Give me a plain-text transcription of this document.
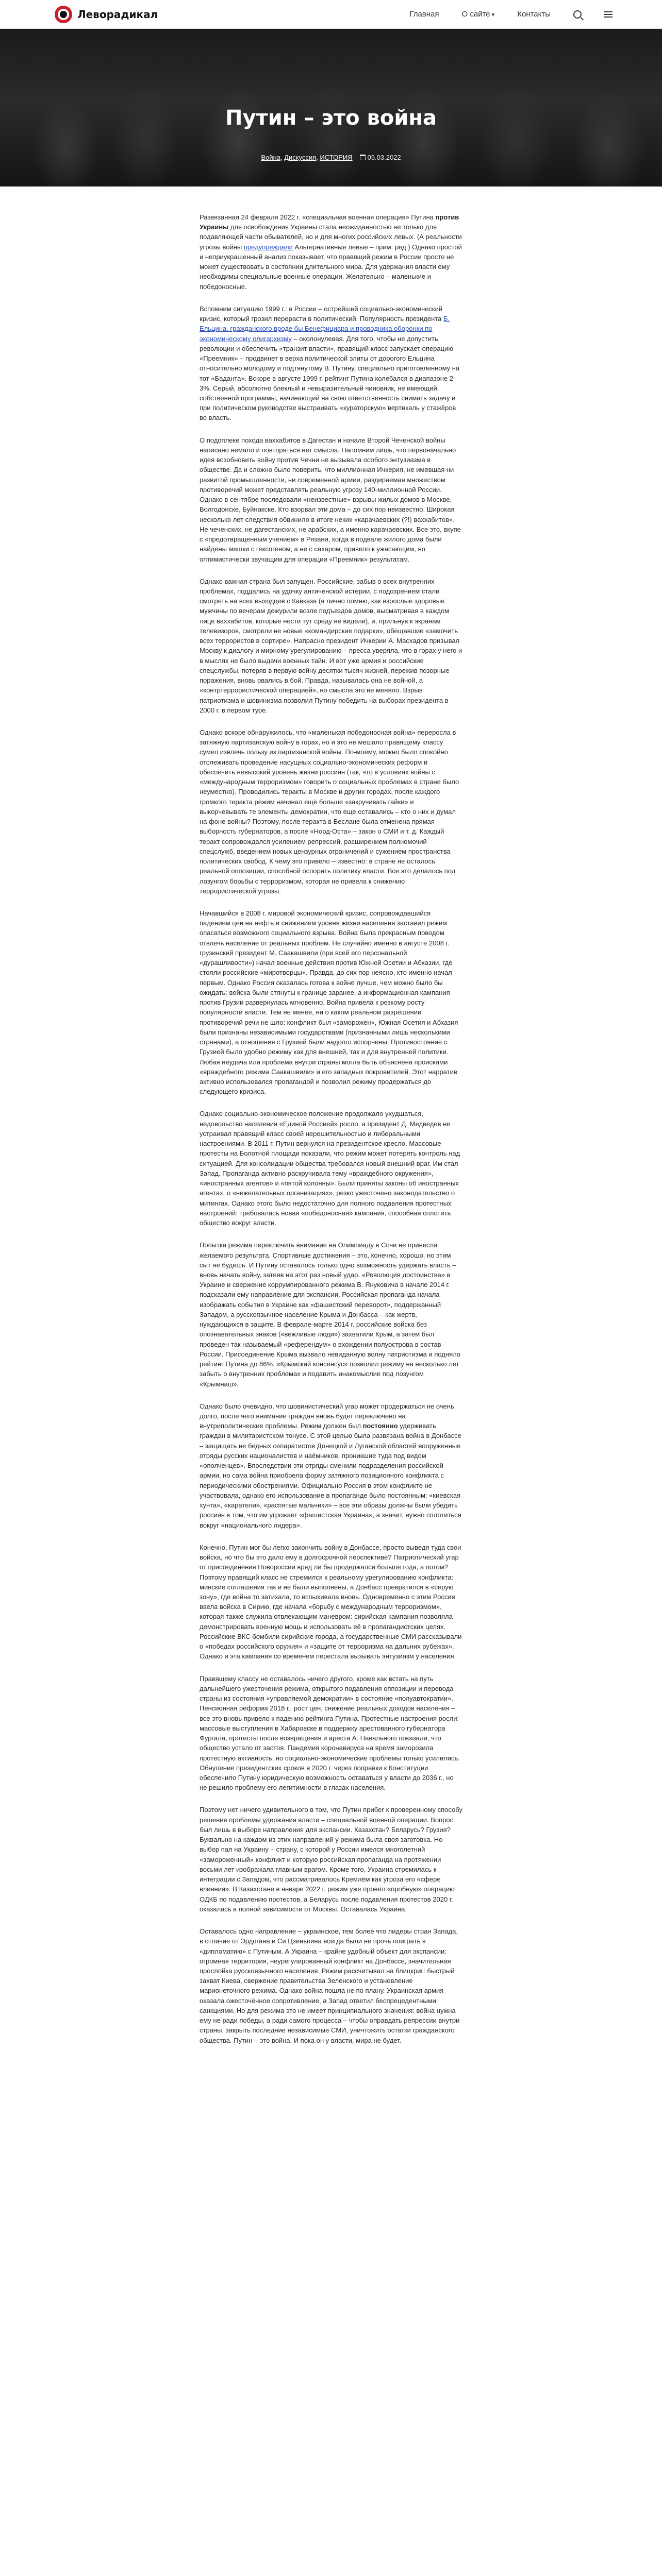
Леворадикал	Главная	О сайте ▾	Контакты
Путин – это война
Война, Дискуссия, ИСТОРИЯ	05.03.2022

Развязанная 24 февраля 2022 г. «специальная военная операция» Путина против Украины для освобождения Украины стала неожиданностью не только для подавляющей части обывателей, но и для многих российских левых. (А реальности угрозы войны предупреждали Альтернативные левые – прим. ред.) Однако простой и неприукрашенный анализ показывает, что правящий режим в России просто не может существовать в состоянии длительного мира. Для удержания власти ему необходимы специальные военные операции. Желательно – маленькие и победоносные.

Вспомним ситуацию 1999 г.: в России – острейший социально-экономический кризис, который грозил перерасти в политический. Популярность президента Б. Ельцина, гражданского вроде бы Бенефициара и проводника оборонки по экономическому олигархизму – околонулевая. Для того, чтобы не допустить революции и обеспечить «транзит власти», правящий класс запускает операцию «Преемник» – продвинет в верха политической элиты от дорогого Ельцина относительно молодому и подтянутому В. Путину, специально приготовленному на тот «Баданта». Вскоре в августе 1999 г. рейтинг Путина колебался в диапазоне 2–3%. Серый, абсолютно блеклый и невыразительный чиновник, не имеющий собственной программы, начинающий на свою ответственность снимать задачу и при политическом руководстве выстраивать «кураторскую» вертикаль у стажёров во власть.

О подоплеке похода ваххабитов в Дагестан и начале Второй Чеченской войны написано немало и повторяться нет смысла. Напомним лишь, что первоначально идея возобновить войну против Чечни не вызывала особого энтузиазма в обществе. Да и сложно было поверить, что миллионная Ичкерия, не имевшая ни развитой промышленности, ни современной армии, раздираемая множеством противоречий может представлять реальную угрозу 140-миллионной России. Однако в сентябре последовали «неизвестные» взрывы жилых домов в Москве, Волгодонске, Буйнакске. Кто взорвал эти дома – до сих пор неизвестно. Широкая несколько лет следствия обвинило в итоге неких «карачаевских (?!) ваххабитов». Не чеченских, не дагестанских, не арабских, а именно карачаевских. Все это, вкупе с «предотвращенным учением» в Рязани, когда в подвале жилого дома были найдены мешки с гексогеном, а не с сахаром, привело к ужасающим, но оптимистически звучащим для операции «Преемник» результатам.

Однако важная страна был запущен. Российские, забыв о всех внутренних проблемах, поддались на удочку античенской истерии, с подозрением стали смотреть на всех выходцев с Кавказа (я лично помню, как взрослые здоровые мужчины по вечерам дежурили возле подъездов домов, высматривая в каждом лице ваххабитов, которые нести тут среду не видели), и, прильнув к экранам телевизоров, смотрели не новые «командирские подарки», обещавшие «замочить всех террористов в сортире». Напрасно президент Ичкерии А. Масхадов призывал Москву к диалогу и мирному урегулированию – пресса уверяла, что в горах у него и в мыслях не было выдачи военных тайн. И вот уже армия и российские спецслужбы, потеряв в первую войну десятки тысяч жизней, пережив позорные поражения, вновь рвались в бой. Правда, называлась она не войной, а «контртеррористической операцией», но смысла это не меняло. Взрыв патриотизма и шовинизма позволил Путину победить на выборах президента в 2000 г. в первом туре.

Однако вскоре обнаружилось, что «маленькая победоносная война» переросла в затяжную партизанскую войну в горах, но и это не мешало правящему классу сумел извлечь пользу из партизанской войны. По-моему, можно было спокойно отслеживать проведение насущных социально-экономических реформ и обеспечить невысокий уровень жизни россиян (так, что в условиях войны с «международным терроризмом» говорить о социальных проблемах в стране было неуместно). Проводились теракты в Москве и других городах, после каждого громкого теракта режим начинал ещё больше «закручивать гайки» и выкорчевывать те элементы демократии, что еще оставались – кто о них и думал на фоне войны? Поэтому, после теракта в Беслане была отменена прямая выборность губернаторов, а после «Норд-Оста» – закон о СМИ и т. д. Каждый теракт сопровождался усилением репрессий, расширением полномочий спецслужб, введением новых цензурных ограничений и сужением пространства политических свобод. К чему это привело – известно: в стране не осталось реальной оппозиции, способной оспорить политику власти. Все это делалось под лозунгом борьбы с терроризмом, которая не привела к снижению террористической угрозы.

Начавшийся в 2008 г. мировой экономический кризис, сопровождавшийся падением цен на нефть и снижением уровня жизни населения заставил режим опасаться возможного социального взрыва. Война была прекрасным поводом отвлечь население от реальных проблем. Не случайно именно в августе 2008 г. грузинский президент М. Саакашвили (при всей его персональной «дурашливости») начал военные действия против Южной Осетии и Абхазии, где стояли российские «миротворцы». Правда, до сих пор неясно, кто именно начал первым. Однако Россия оказалась готова к войне лучше, чем можно было бы ожидать: войска были стянуты к границе заранее, а информационная кампания против Грузии развернулась мгновенно. Война привела к резкому росту популярности власти. Тем не менее, ни о каком реальном разрешении противоречий речи не шло: конфликт был «заморожен», Южная Осетия и Абхазия были признаны независимыми государствами (признанными лишь несколькими странами), а отношения с Грузией были надолго испорчены. Противостояние с Грузией было удобно режиму как для внешней, так и для внутренней политики. Любая неудача или проблема внутри страны могла быть объяснена происками «враждебного режима Саакашвили» и его западных покровителей. Этот нарратив активно использовался пропагандой и позволил режиму продержаться до следующего кризиса.

Однако социально-экономическое положение продолжало ухудшаться, недовольство населения «Единой Россией» росло, а президент Д. Медведев не устраивал правящий класс своей нерешительностью и либеральными настроениями. В 2011 г. Путин вернулся на президентское кресло. Массовые протесты на Болотной площади показали, что режим может потерять контроль над ситуацией. Для консолидации общества требовался новый внешний враг. Им стал Запад. Пропаганда активно раскручивала тему «враждебного окружения», «иностранных агентов» и «пятой колонны». Были приняты законы об иностранных агентах, о «нежелательных организациях», резко ужесточено законодательство о митингах. Однако этого было недостаточно для полного подавления протестных настроений: требовалась новая «победоносная» кампания, способная сплотить общество вокруг власти.

Попытка режима переключить внимание на Олимпиаду в Сочи не принесла желаемого результата. Спортивные достижения – это, конечно, хорошо, но этим сыт не будешь. И Путину оставалось только одно возможность удержать власть – вновь начать войну, затеяв на этот раз новый удар. «Революция достоинства» в Украине и свержение коррумпированного режима В. Януковича в начале 2014 г. подсказали ему направление для экспансии. Российская пропаганда начала изображать события в Украине как «фашистский переворот», поддержанный Западом, а русскоязычное население Крыма и Донбасса – как жертв, нуждающихся в защите. В феврале-марте 2014 г. российские войска без опознавательных знаков («вежливые люди») захватили Крым, а затем был проведен так называемый «референдум» о вхождении полуострова в состав России. Присоединение Крыма вызвало невиданную волну патриотизма и подняло рейтинг Путина до 86%. «Крымский консенсус» позволил режиму на несколько лет забыть о внутренних проблемах и подавить инакомыслие под лозунгом «Крымнаш».

Однако было очевидно, что шовинистический угар может продержаться не очень долго, после чего внимание граждан вновь будет переключено на внутриполитические проблемы. Режим должен был постоянно удерживать граждан в милитаристском тонусе. С этой целью была развязана война в Донбассе – защищать не бедных сепаратистов Донецкой и Луганской областей вооруженные отряды русских националистов и наёмников, проникшие туда под видом «ополченцев». Впоследствии эти отряды сменили подразделения российской армии, но сама война приобрела форму затяжного позиционного конфликта с периодическими обострениями. Официально Россия в этом конфликте не участвовала, однако его использование в пропаганде было постоянным: «киевская хунта», «каратели», «распятые мальчики» – все эти образы должны были убедить россиян в том, что им угрожает «фашистская Украина», а значит, нужно сплотиться вокруг «национального лидера».

Конечно, Путин мог бы легко закончить войну в Донбассе, просто выведя туда свои войска, но что бы это дало ему в долгосрочной перспективе? Патриотический угар от присоединения Новороссии вряд ли бы продержался больше года, а потом? Поэтому правящий класс не стремился к реальному урегулированию конфликта: минские соглашения так и не были выполнены, а Донбасс превратился в «серую зону», где война то затихала, то вспыхивала вновь. Одновременно с этим Россия ввела войска в Сирию, где начала «борьбу с международным терроризмом», которая также служила отвлекающим маневром: сирийская кампания позволяла демонстрировать военную мощь и использовать её в пропагандистских целях. Российские ВКС бомбили сирийские города, а государственные СМИ рассказывали о «победах российского оружия» и «защите от терроризма на дальних рубежах». Однако и эта кампания со временем перестала вызывать энтузиазм у населения.

Правящему классу не оставалось ничего другого, кроме как встать на путь дальнейшего ужесточения режима, открытого подавления оппозиции и перевода страны из состояния «управляемой демократии» в состояние «полуавтократии». Пенсионная реформа 2018 г., рост цен, снижение реальных доходов населения – все это вновь привело к падению рейтинга Путина. Протестные настроения росли: массовые выступления в Хабаровске в поддержку арестованного губернатора Фургала, протесты после возвращения и ареста А. Навального показали, что общество устало от застоя. Пандемия коронавируса на время заморозила протестную активность, но социально-экономические проблемы только усилились. Обнуление президентских сроков в 2020 г. через поправки к Конституции обеспечило Путину юридическую возможность оставаться у власти до 2036 г., но не решило проблему его легитимности в глазах населения.

Поэтому нет ничего удивительного в том, что Путин прибег к проверенному способу решения проблемы удержания власти – специальной военной операции. Вопрос был лишь в выборе направления для экспансии. Казахстан? Беларусь? Грузия? Буквально на каждом из этих направлений у режима была своя заготовка. Но выбор пал на Украину – страну, с которой у России имелся многолетний «замороженный» конфликт и которую российская пропаганда на протяжении восьми лет изображала главным врагом. Кроме того, Украина стремилась к интеграции с Западом, что рассматривалось Кремлём как угроза его «сфере влияния». В Казахстане в январе 2022 г. режим уже провёл «пробную» операцию ОДКБ по подавлению протестов, а Беларусь после подавления протестов 2020 г. оказалась в полной зависимости от Москвы. Оставалась Украина.

Оставалось одно направление – украинское, тем более что лидеры стран Запада, в отличие от Эрдогана и Си Цзиньпина всегда были не прочь поиграть в «дипломатию» с Путиным. А Украина – крайне удобный объект для экспансии: огромная территория, неурегулированный конфликт на Донбассе, значительная прослойка русскоязычного населения. Режим рассчитывал на блицкриг: быстрый захват Киева, свержение правительства Зеленского и установление марионеточного режима. Однако война пошла не по плану. Украинская армия оказала ожесточённое сопротивление, а Запад ответил беспрецедентными санкциями. Но для режима это не имеет принципиального значения: война нужна ему не ради победы, а ради самого процесса – чтобы оправдать репрессии внутри страны, закрыть последние независимые СМИ, уничтожить остатки гражданского общества. Путин – это война. И пока он у власти, мира не будет.
